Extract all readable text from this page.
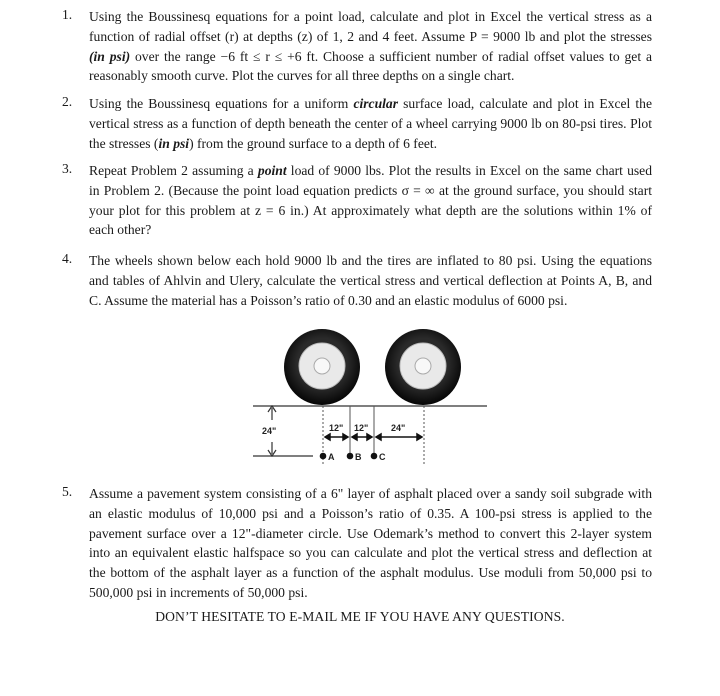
1. Using the Boussinesq equations for a point load, calculate and plot in Excel the vertical stress as a
function of radial offset (r) at depths (z) of 1, 2 and 4 feet. Assume P = 9000 lb and plot the stresses
(in psi) over the range −6 ft ≤ r ≤ +6 ft. Choose a sufficient number of radial offset values to get a
reasonably smooth curve. Plot the curves for all three depths on a single chart.
2. Using the Boussinesq equations for a uniform circular surface load, calculate and plot in Excel the
vertical stress as a function of depth beneath the center of a wheel carrying 9000 lb on 80-psi tires. Plot
the stresses (in psi) from the ground surface to a depth of 6 feet.
3. Repeat Problem 2 assuming a point load of 9000 lbs. Plot the results in Excel on the same chart used
in Problem 2. (Because the point load equation predicts σ = ∞ at the ground surface, you should start
your plot for this problem at z = 6 in.) At approximately what depth are the solutions within 1% of
each other?
4. The wheels shown below each hold 9000 lb and the tires are inflated to 80 psi. Using the equations
and tables of Ahlvin and Ulery, calculate the vertical stress and vertical deflection at Points A, B, and
C. Assume the material has a Poisson’s ratio of 0.30 and an elastic modulus of 6000 psi.
5. Assume a pavement system consisting of a 6" layer of asphalt placed over a sandy soil subgrade with
an elastic modulus of 10,000 psi and a Poisson’s ratio of 0.35. A 100-psi stress is applied to the
pavement surface over a 12"-diameter circle. Use Odemark’s method to convert this 2-layer system
into an equivalent elastic halfspace so you can calculate and plot the vertical stress and deflection at
the bottom of the asphalt layer as a function of the asphalt modulus. Use moduli from 50,000 psi to
500,000 psi in increments of 50,000 psi.
24"	12" 12"	24"
A B C
DON’T HESITATE TO E-MAIL ME IF YOU HAVE ANY QUESTIONS.
